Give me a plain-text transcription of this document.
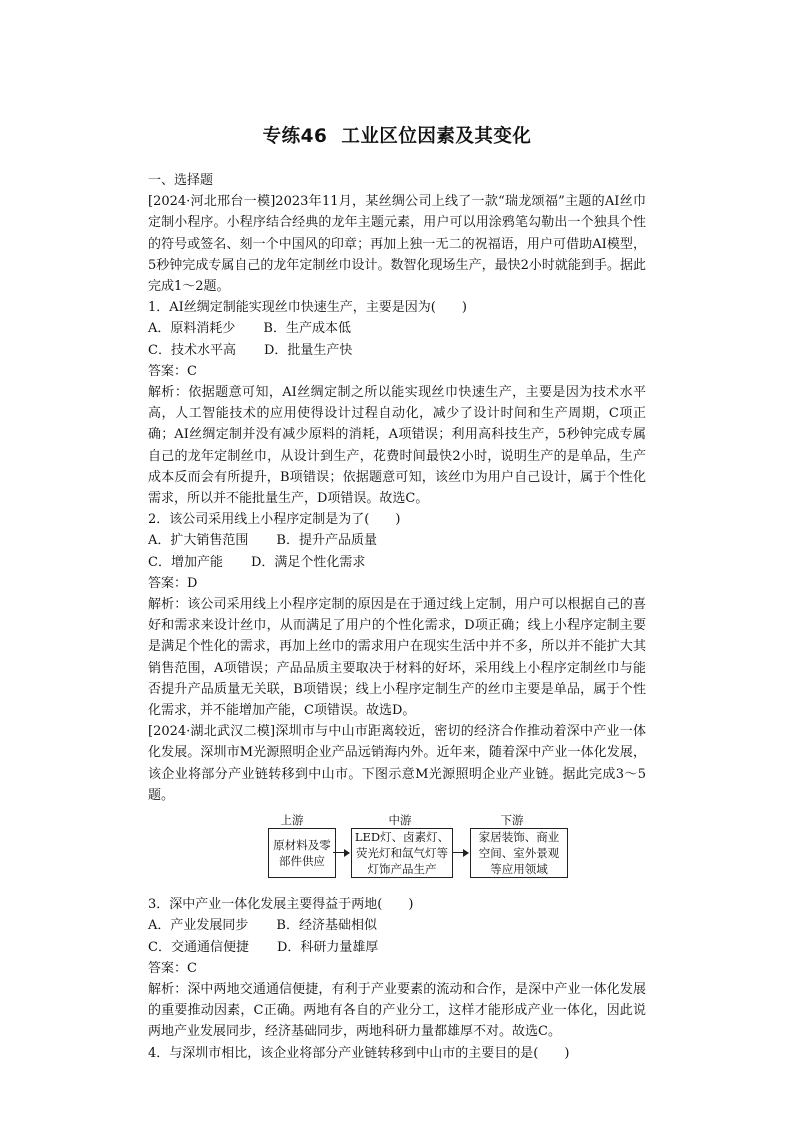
专练46 工业区位因素及其变化

一、选择题

[2024·河北邢台一模]2023年11月，某丝绸公司上线了一款“瑞龙颂福”主题的AI丝巾定制小程序。小程序结合经典的龙年主题元素，用户可以用涂鸦笔勾勒出一个独具个性的符号或签名、刻一个中国风的印章；再加上独一无二的祝福语，用户可借助AI模型，5秒钟完成专属自己的龙年定制丝巾设计。数智化现场生产，最快2小时就能到手。据此完成1～2题。

1．AI丝绸定制能实现丝巾快速生产，主要是因为(　　)

A．原料消耗少 B．生产成本低

C．技术水平高 D．批量生产快

答案：C

解析：依据题意可知，AI丝绸定制之所以能实现丝巾快速生产，主要是因为技术水平高，人工智能技术的应用使得设计过程自动化，减少了设计时间和生产周期，C项正确；AI丝绸定制并没有减少原料的消耗，A项错误；利用高科技生产，5秒钟完成专属自己的龙年定制丝巾，从设计到生产，花费时间最快2小时，说明生产的是单品，生产成本反而会有所提升，B项错误；依据题意可知，该丝巾为用户自己设计，属于个性化需求，所以并不能批量生产，D项错误。故选C。

2．该公司采用线上小程序定制是为了(　　)

A．扩大销售范围 B．提升产品质量

C．增加产能 D．满足个性化需求

答案：D

解析：该公司采用线上小程序定制的原因是在于通过线上定制，用户可以根据自己的喜好和需求来设计丝巾，从而满足了用户的个性化需求，D项正确；线上小程序定制主要是满足个性化的需求，再加上丝巾的需求用户在现实生活中并不多，所以并不能扩大其销售范围，A项错误；产品品质主要取决于材料的好坏，采用线上小程序定制丝巾与能否提升产品质量无关联，B项错误；线上小程序定制生产的丝巾主要是单品，属于个性化需求，并不能增加产能，C项错误。故选D。

[2024·湖北武汉二模]深圳市与中山市距离较近，密切的经济合作推动着深中产业一体化发展。深圳市M光源照明企业产品远销海内外。近年来，随着深中产业一体化发展，该企业将部分产业链转移到中山市。下图示意M光源照明企业产业链。据此完成3～5题。

上游	中游	下游
原材料及零部件供应
LED灯、卤素灯、荧光灯和氙气灯等灯饰产品生产
家居装饰、商业空间、室外景观等应用领域

3．深中产业一体化发展主要得益于两地(　　)

A．产业发展同步 B．经济基础相似

C．交通通信便捷 D．科研力量雄厚

答案：C

解析：深中两地交通通信便捷，有利于产业要素的流动和合作，是深中产业一体化发展的重要推动因素，C正确。两地有各自的产业分工，这样才能形成产业一体化，因此说两地产业发展同步，经济基础同步，两地科研力量都雄厚不对。故选C。

4．与深圳市相比，该企业将部分产业链转移到中山市的主要目的是(　　)
